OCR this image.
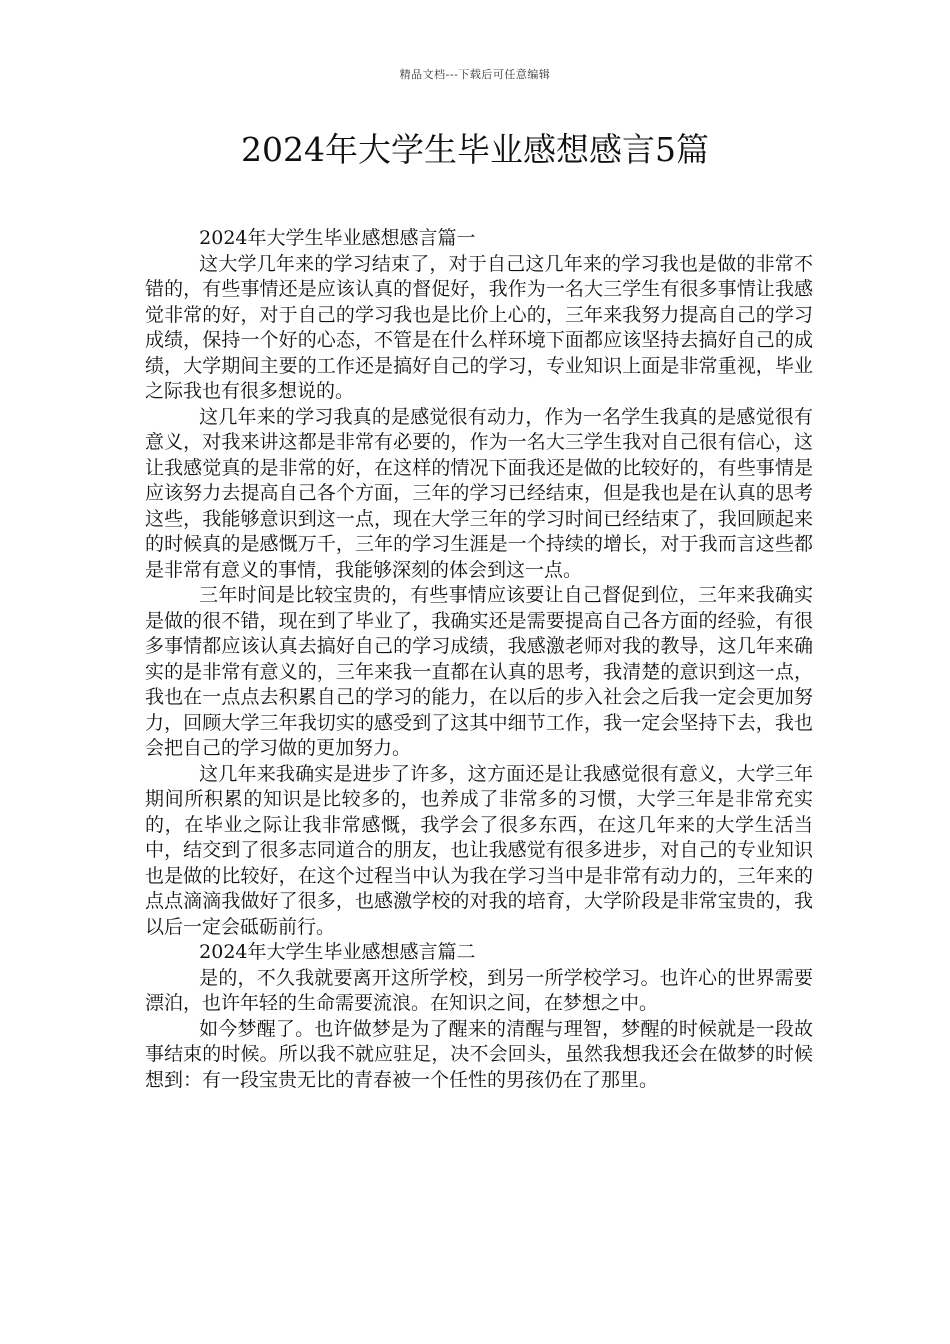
精品文档---下载后可任意编辑
2024年大学生毕业感想感言5篇

2024年大学生毕业感想感言篇一

这大学几年来的学习结束了，对于自己这几年来的学习我也是做的非常不错的，有些事情还是应该认真的督促好，我作为一名大三学生有很多事情让我感觉非常的好，对于自己的学习我也是比价上心的，三年来我努力提高自己的学习成绩，保持一个好的心态，不管是在什么样环境下面都应该坚持去搞好自己的成绩，大学期间主要的工作还是搞好自己的学习，专业知识上面是非常重视，毕业之际我也有很多想说的。

这几年来的学习我真的是感觉很有动力，作为一名学生我真的是感觉很有意义，对我来讲这都是非常有必要的，作为一名大三学生我对自己很有信心，这让我感觉真的是非常的好，在这样的情况下面我还是做的比较好的，有些事情是应该努力去提高自己各个方面，三年的学习已经结束，但是我也是在认真的思考这些，我能够意识到这一点，现在大学三年的学习时间已经结束了，我回顾起来的时候真的是感慨万千，三年的学习生涯是一个持续的增长，对于我而言这些都是非常有意义的事情，我能够深刻的体会到这一点。

三年时间是比较宝贵的，有些事情应该要让自己督促到位，三年来我确实是做的很不错，现在到了毕业了，我确实还是需要提高自己各方面的经验，有很多事情都应该认真去搞好自己的学习成绩，我感激老师对我的教导，这几年来确实的是非常有意义的，三年来我一直都在认真的思考，我清楚的意识到这一点，我也在一点点去积累自己的学习的能力，在以后的步入社会之后我一定会更加努力，回顾大学三年我切实的感受到了这其中细节工作，我一定会坚持下去，我也会把自己的学习做的更加努力。

这几年来我确实是进步了许多，这方面还是让我感觉很有意义，大学三年期间所积累的知识是比较多的，也养成了非常多的习惯，大学三年是非常充实的，在毕业之际让我非常感慨，我学会了很多东西，在这几年来的大学生活当中，结交到了很多志同道合的朋友，也让我感觉有很多进步，对自己的专业知识也是做的比较好，在这个过程当中认为我在学习当中是非常有动力的，三年来的点点滴滴我做好了很多，也感激学校的对我的培育，大学阶段是非常宝贵的，我以后一定会砥砺前行。

2024年大学生毕业感想感言篇二

是的，不久我就要离开这所学校，到另一所学校学习。也许心的世界需要漂泊，也许年轻的生命需要流浪。在知识之间，在梦想之中。

如今梦醒了。也许做梦是为了醒来的清醒与理智，梦醒的时候就是一段故事结束的时候。所以我不就应驻足，决不会回头，虽然我想我还会在做梦的时候想到：有一段宝贵无比的青春被一个任性的男孩仍在了那里。
